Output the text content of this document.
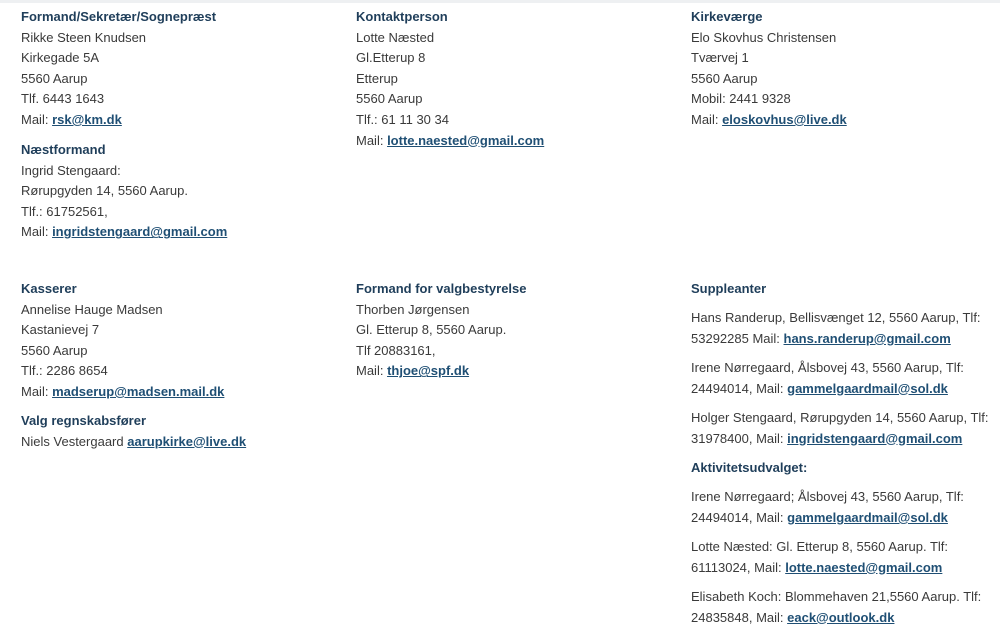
Formand/Sekretær/Sognepræst
Rikke Steen Knudsen
Kirkegade 5A
5560 Aarup
Tlf. 6443 1643
Mail: rsk@km.dk
Næstformand
Ingrid Stengaard:
Rørupgyden 14, 5560 Aarup.
Tlf.: 61752561,
Mail: ingridstengaard@gmail.com
Kontaktperson
Lotte Næsted
Gl.Etterup 8
Etterup
5560 Aarup
Tlf.: 61 11 30 34
Mail: lotte.naested@gmail.com
Kirkeværge
Elo Skovhus Christensen
Tværvej 1
5560 Aarup
Mobil: 2441 9328
Mail: eloskovhus@live.dk
Kasserer
Annelise Hauge Madsen
Kastanievej 7
5560 Aarup
Tlf.: 2286 8654
Mail: madserup@madsen.mail.dk
Valg regnskabsfører
Niels Vestergaard aarupkirke@live.dk
Formand for valgbestyrelse
Thorben Jørgensen
Gl. Etterup 8, 5560 Aarup.
Tlf 20883161,
Mail: thjoe@spf.dk
Suppleanter
Hans Randerup, Bellisvænget 12, 5560 Aarup, Tlf:
53292285 Mail: hans.randerup@gmail.com
Irene Nørregaard, Ålsbovej 43, 5560 Aarup, Tlf:
24494014, Mail: gammelgaardmail@sol.dk
Holger Stengaard, Rørupgyden 14, 5560 Aarup, Tlf:
31978400, Mail: ingridstengaard@gmail.com
Aktivitetsudvalget:
Irene Nørregaard; Ålsbovej 43, 5560 Aarup, Tlf:
24494014, Mail: gammelgaardmail@sol.dk
Lotte Næsted: Gl. Etterup 8, 5560 Aarup. Tlf:
61113024, Mail: lotte.naested@gmail.com
Elisabeth Koch: Blommehaven 21,5560 Aarup. Tlf:
24835848, Mail: eack@outlook.dk
